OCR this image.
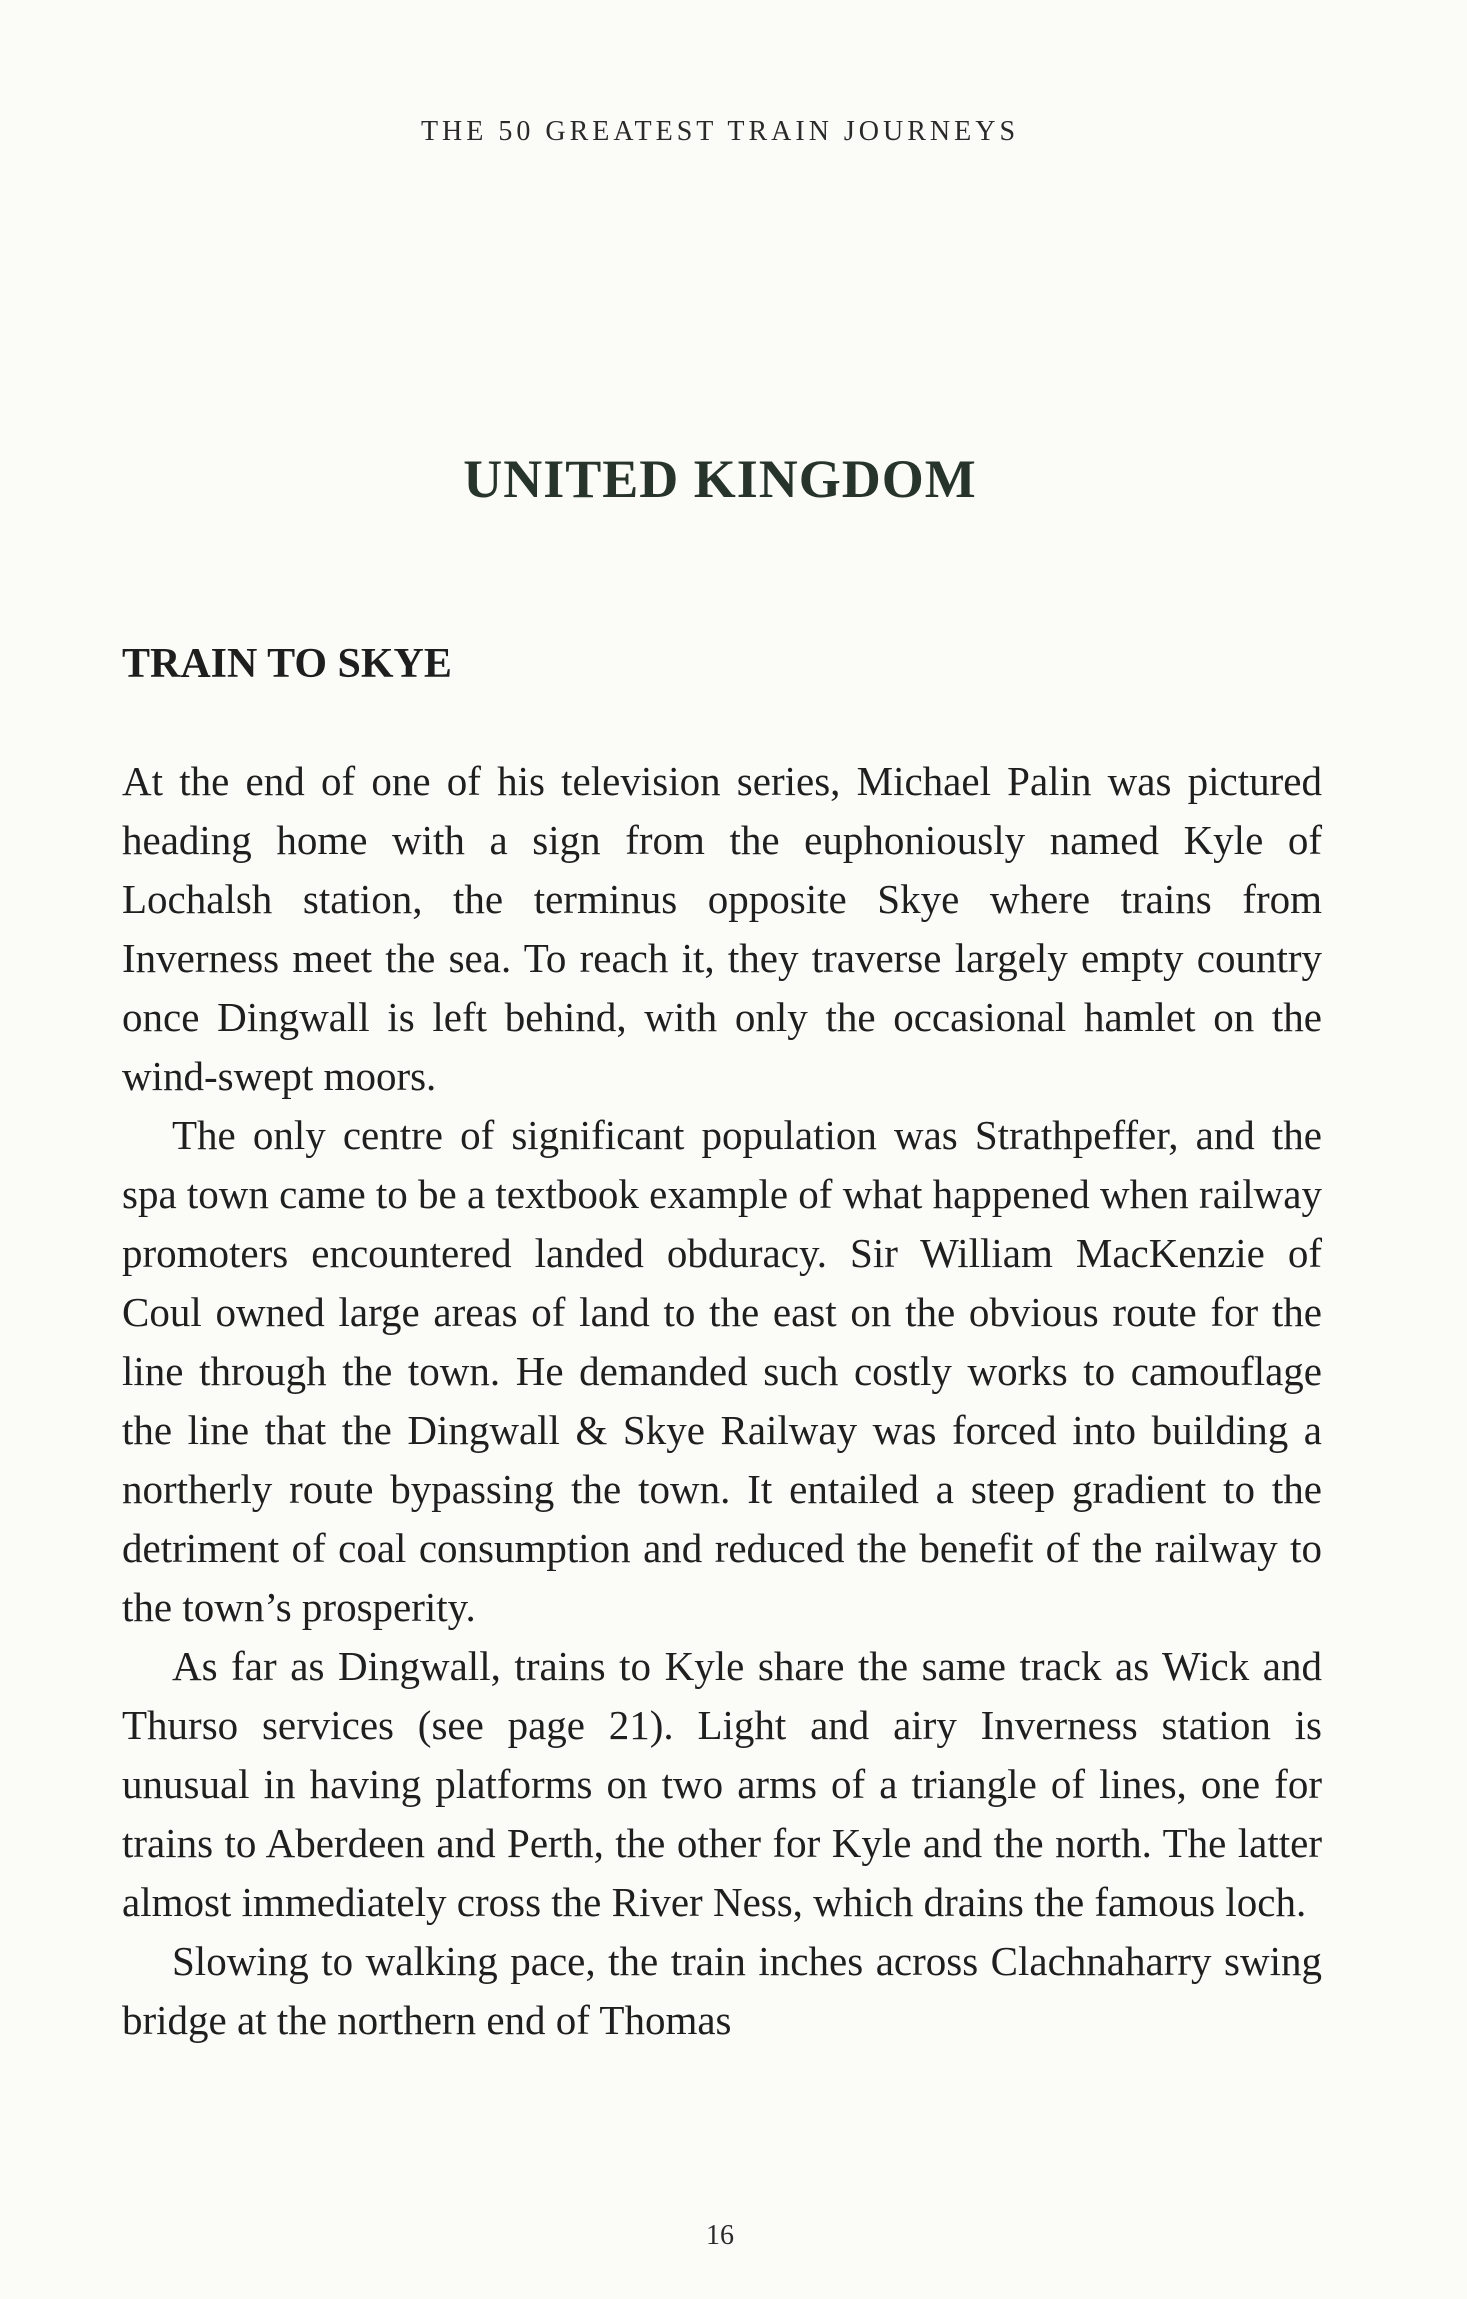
THE 50 GREATEST TRAIN JOURNEYS
UNITED KINGDOM
TRAIN TO SKYE

At the end of one of his television series, Michael Palin was pictured heading home with a sign from the euphoniously named Kyle of Lochalsh station, the terminus opposite Skye where trains from Inverness meet the sea. To reach it, they traverse largely empty country once Dingwall is left behind, with only the occasional hamlet on the wind-swept moors.

The only centre of significant population was Strathpeffer, and the spa town came to be a textbook example of what happened when railway promoters encountered landed obduracy. Sir William MacKenzie of Coul owned large areas of land to the east on the obvious route for the line through the town. He demanded such costly works to camouflage the line that the Dingwall & Skye Railway was forced into building a northerly route bypassing the town. It entailed a steep gradient to the detriment of coal consumption and reduced the benefit of the railway to the town’s prosperity.

As far as Dingwall, trains to Kyle share the same track as Wick and Thurso services (see page 21). Light and airy Inverness station is unusual in having platforms on two arms of a triangle of lines, one for trains to Aberdeen and Perth, the other for Kyle and the north. The latter almost immediately cross the River Ness, which drains the famous loch.

Slowing to walking pace, the train inches across Clachnaharry swing bridge at the northern end of Thomas

16
